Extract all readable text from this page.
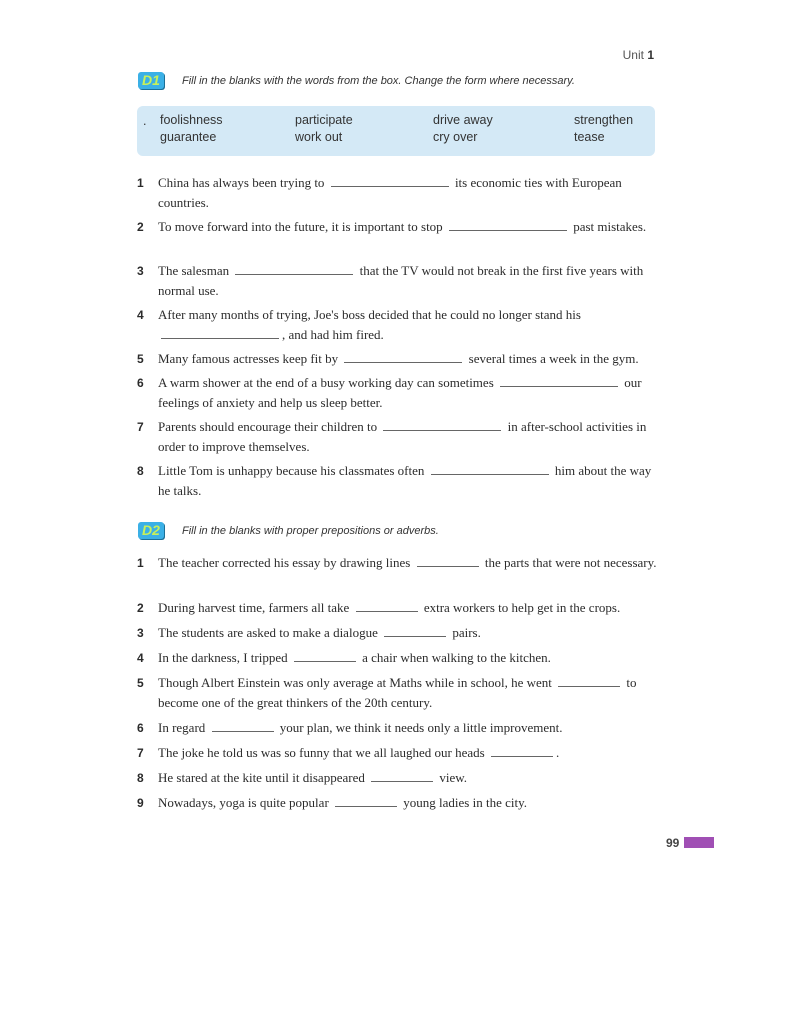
Unit 1
D1	Fill in the blanks with the words from the box. Change the form where necessary.
. foolishness	participate	drive away	strengthen
guarantee	work out	cry over	tease
1	China has always been trying to	its economic ties with European countries.
2	To move forward into the future, it is important to stop	past mistakes.
3	The salesman	that the TV would not break in the first five years with normal use.
4	After many months of trying, Joe's boss decided that he could no longer stand his , and had him fired.
5	Many famous actresses keep fit by	several times a week in the gym.
6	A warm shower at the end of a busy working day can sometimes	our feelings of anxiety and help us sleep better.
7	Parents should encourage their children to	in after-school activities in order to improve themselves.
8	Little Tom is unhappy because his classmates often	him about the way he talks.
D2	Fill in the blanks with proper prepositions or adverbs.
1	The teacher corrected his essay by drawing lines	the parts that were not necessary.
2	During harvest time, farmers all take	extra workers to help get in the crops.
3	The students are asked to make a dialogue	pairs.
4	In the darkness, I tripped	a chair when walking to the kitchen.
5	Though Albert Einstein was only average at Maths while in school, he went	to become one of the great thinkers of the 20th century.
6	In regard	your plan, we think it needs only a little improvement.
7	The joke he told us was so funny that we all laughed our heads	.
8	He stared at the kite until it disappeared	view.
9	Nowadays, yoga is quite popular	young ladies in the city.
99
